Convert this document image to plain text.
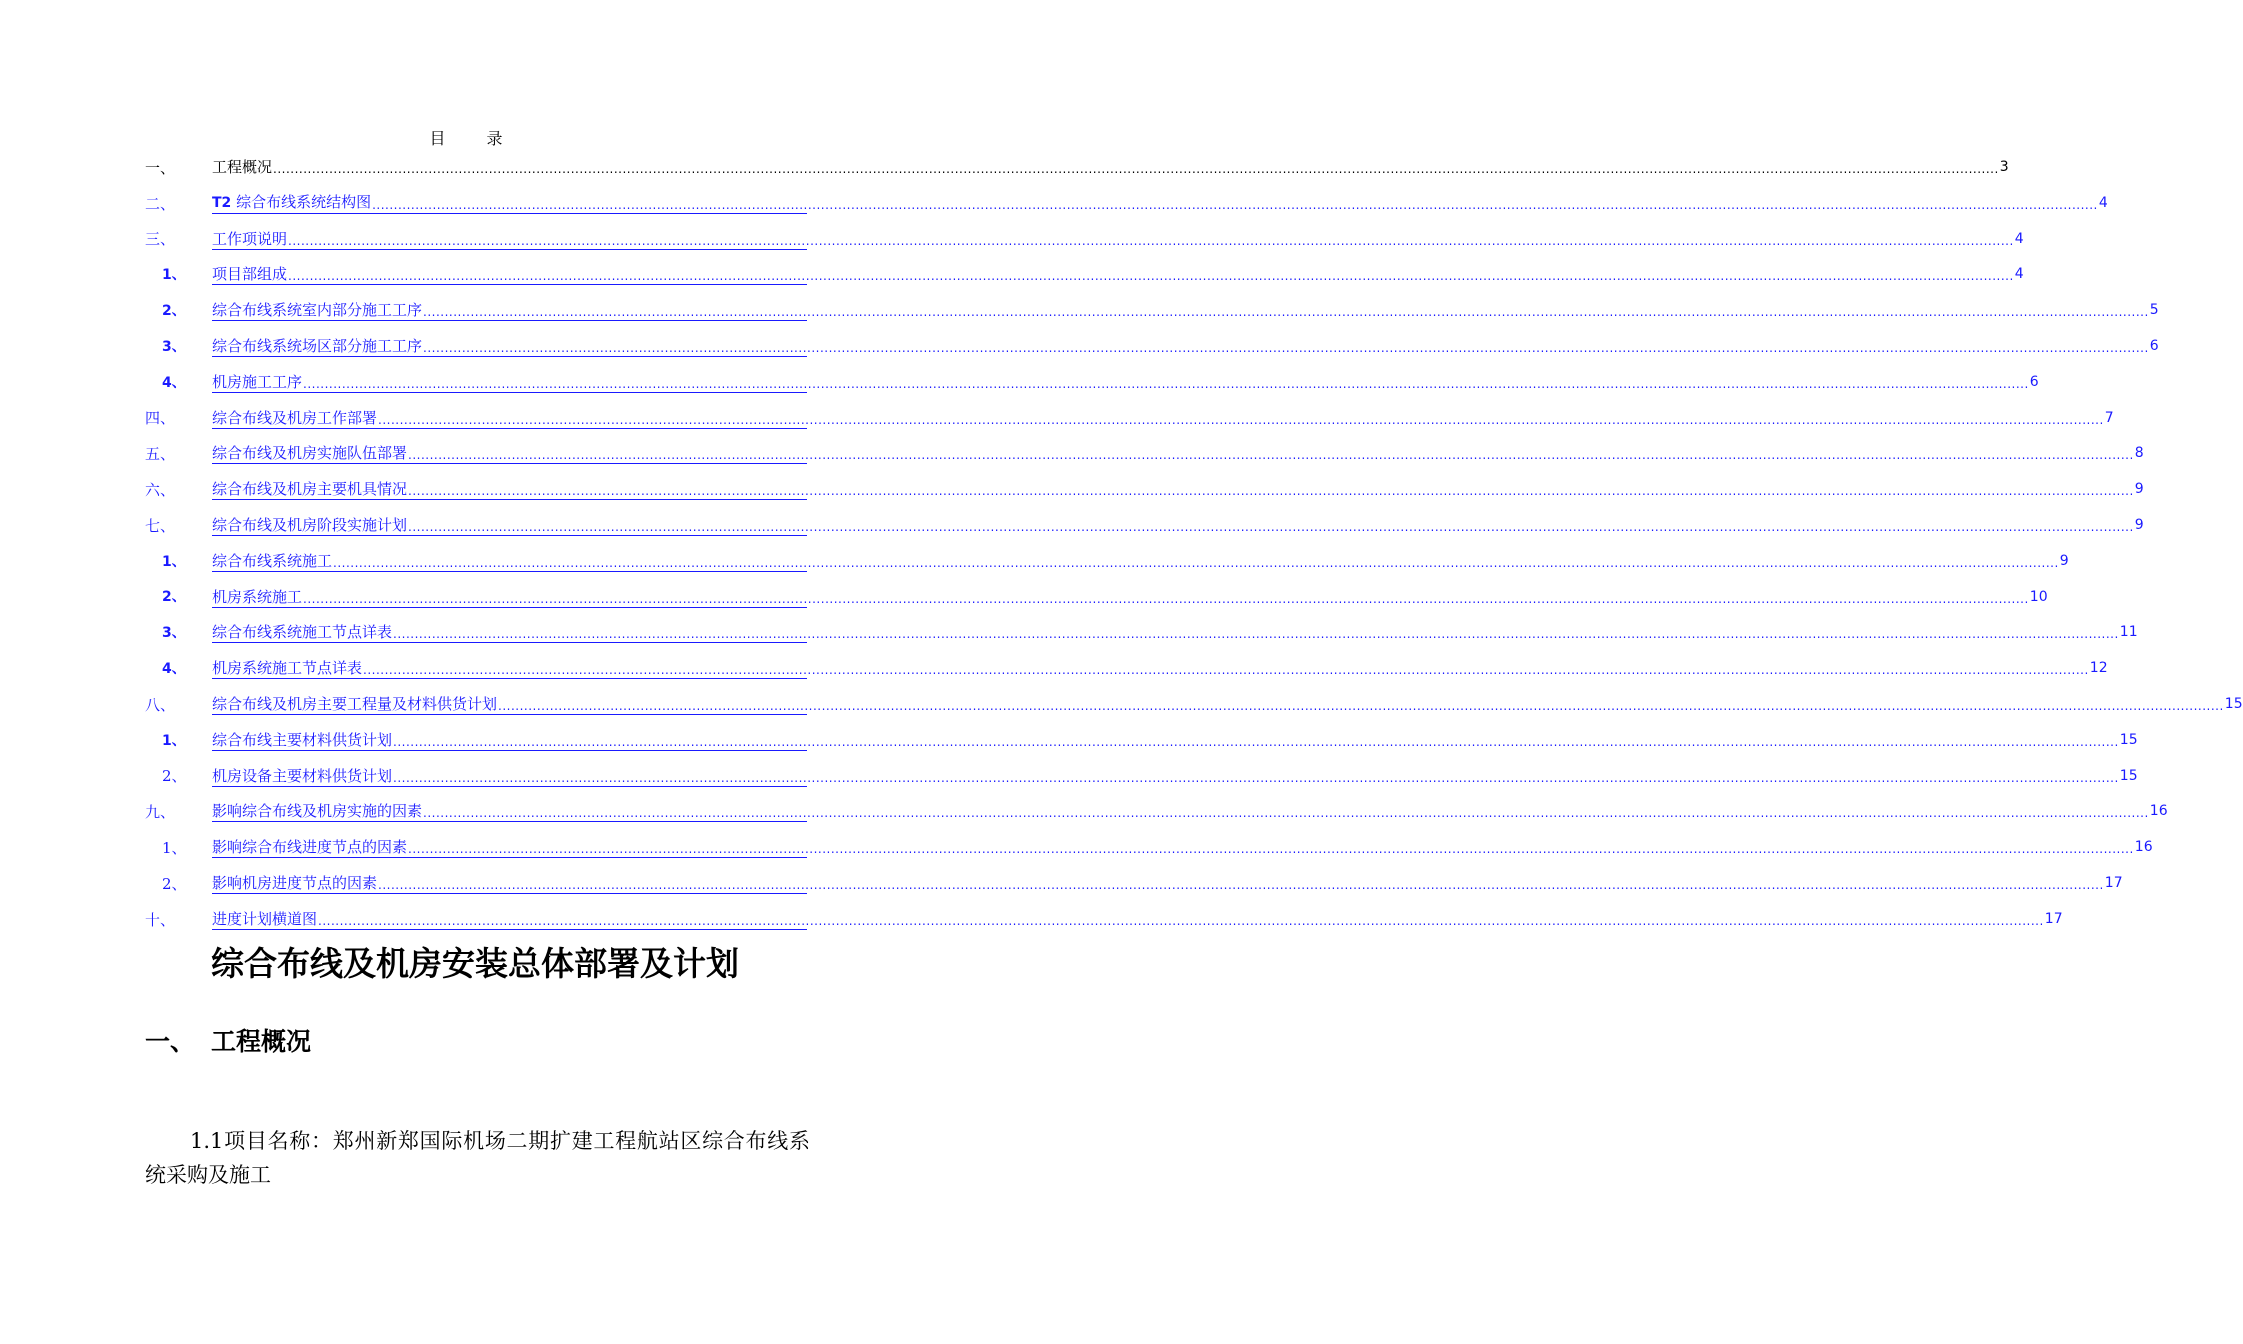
目 录
一、	工程概况 ................................................................................................................................................................................................................................................................................................................................................................................................................ 3
二、	T2 综合布线系统结构图 ................................................................................................................................................................................................................................................................................................................................................................................................................ 4
三、	工作项说明 ................................................................................................................................................................................................................................................................................................................................................................................................................ 4
1、	项目部组成 ................................................................................................................................................................................................................................................................................................................................................................................................................ 4
2、	综合布线系统室内部分施工工序 ................................................................................................................................................................................................................................................................................................................................................................................................................ 5
3、	综合布线系统场区部分施工工序 ................................................................................................................................................................................................................................................................................................................................................................................................................ 6
4、	机房施工工序 ................................................................................................................................................................................................................................................................................................................................................................................................................ 6
四、	综合布线及机房工作部署 ................................................................................................................................................................................................................................................................................................................................................................................................................ 7
五、	综合布线及机房实施队伍部署 ................................................................................................................................................................................................................................................................................................................................................................................................................ 8
六、	综合布线及机房主要机具情况 ................................................................................................................................................................................................................................................................................................................................................................................................................ 9
七、	综合布线及机房阶段实施计划 ................................................................................................................................................................................................................................................................................................................................................................................................................ 9
1、	综合布线系统施工 ................................................................................................................................................................................................................................................................................................................................................................................................................ 9
2、	机房系统施工 ................................................................................................................................................................................................................................................................................................................................................................................................................ 10
3、	综合布线系统施工节点详表 ................................................................................................................................................................................................................................................................................................................................................................................................................ 11
4、	机房系统施工节点详表 ................................................................................................................................................................................................................................................................................................................................................................................................................ 12
八、	综合布线及机房主要工程量及材料供货计划 ................................................................................................................................................................................................................................................................................................................................................................................................................ 15
1、	综合布线主要材料供货计划 ................................................................................................................................................................................................................................................................................................................................................................................................................ 15
2、	机房设备主要材料供货计划 ................................................................................................................................................................................................................................................................................................................................................................................................................ 15
九、	影响综合布线及机房实施的因素 ................................................................................................................................................................................................................................................................................................................................................................................................................ 16
1、	影响综合布线进度节点的因素 ................................................................................................................................................................................................................................................................................................................................................................................................................ 16
2、	影响机房进度节点的因素 ................................................................................................................................................................................................................................................................................................................................................................................................................ 17
十、	进度计划横道图 ................................................................................................................................................................................................................................................................................................................................................................................................................ 17
综合布线及机房安装总体部署及计划
一、 工程概况

1.1项目名称：郑州新郑国际机场二期扩建工程航站区综合布线系统采购及施工
